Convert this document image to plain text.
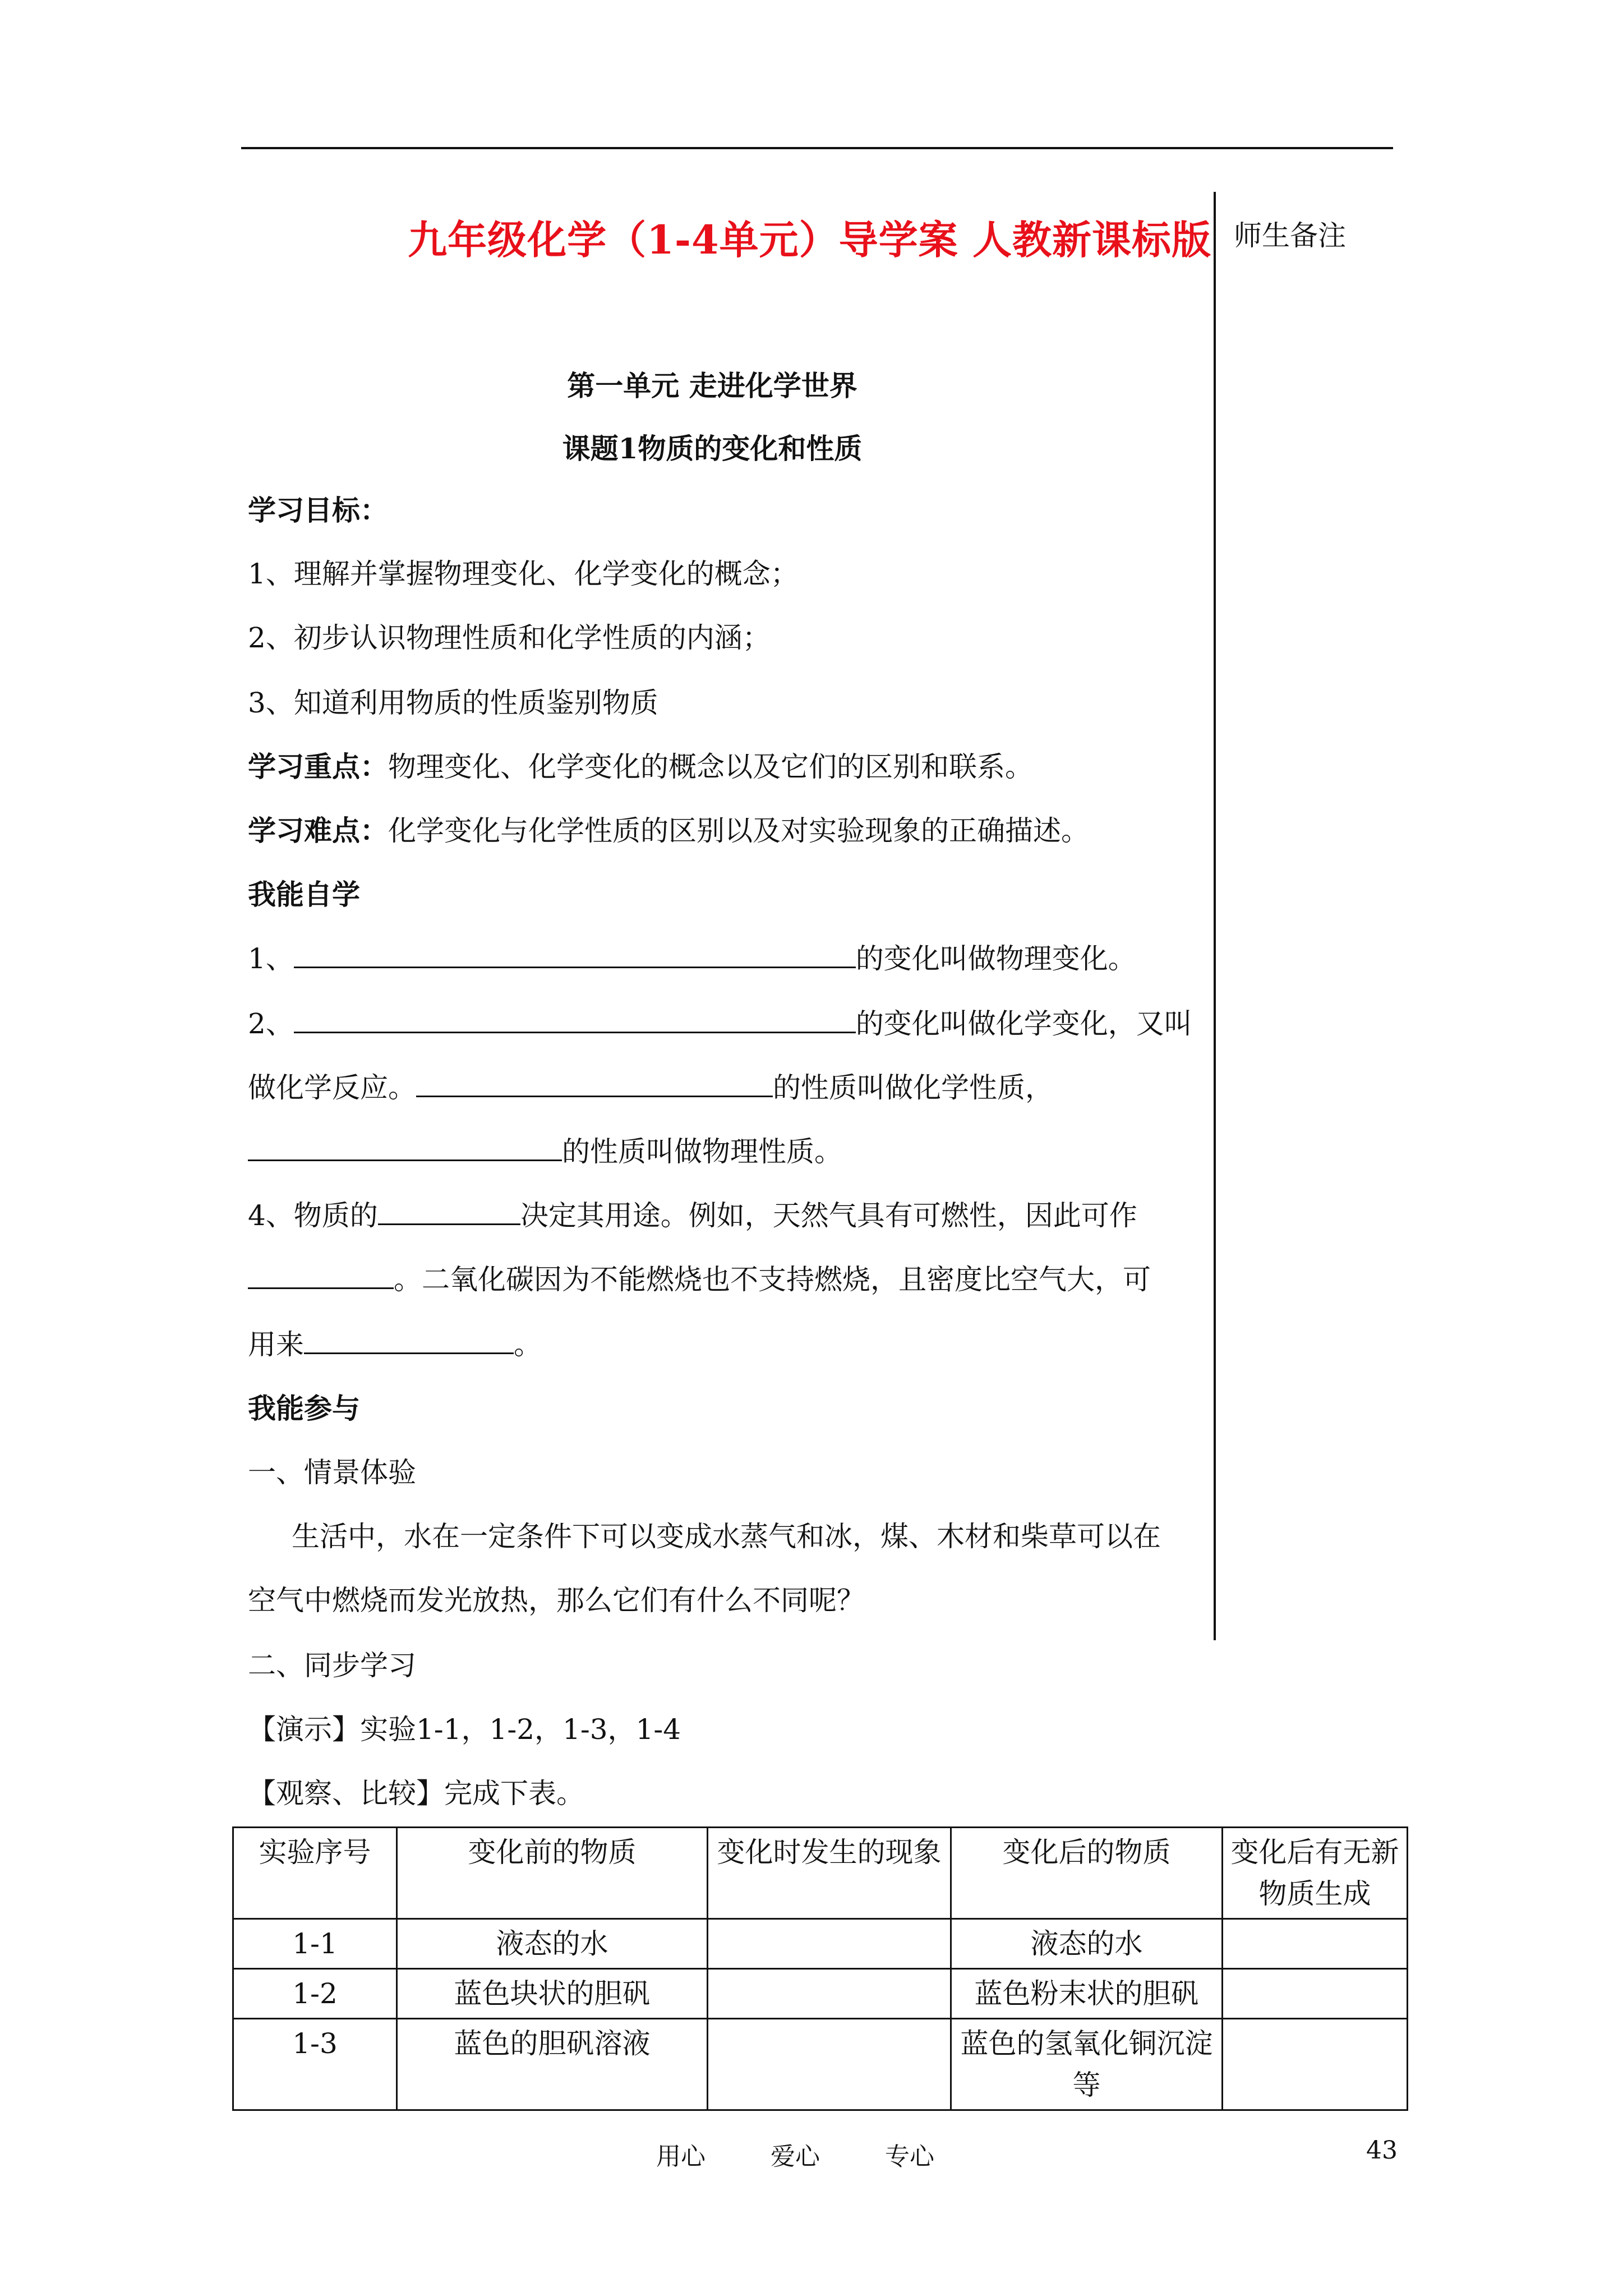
师生备注
九年级化学（1-4单元）导学案 人教新课标版
第一单元 走进化学世界
课题1物质的变化和性质
学习目标：
1、理解并掌握物理变化、化学变化的概念；
2、初步认识物理性质和化学性质的内涵；
3、知道利用物质的性质鉴别物质
学习重点：物理变化、化学变化的概念以及它们的区别和联系。
学习难点：化学变化与化学性质的区别以及对实验现象的正确描述。
我能自学
1、	的变化叫做物理变化。
2、	的变化叫做化学变化，又叫
做化学反应。	的性质叫做化学性质，
的性质叫做物理性质。
4、物质的	决定其用途。例如，天然气具有可燃性，因此可作
。二氧化碳因为不能燃烧也不支持燃烧，且密度比空气大，可
用来	。
我能参与
一、情景体验
生活中，水在一定条件下可以变成水蒸气和冰，煤、木材和柴草可以在
空气中燃烧而发光放热，那么它们有什么不同呢？
二、同步学习
【演示】实验1-1，1-2，1-3，1-4
【观察、比较】完成下表。
实验序号	变化前的物质	变化时发生的现象	变化后的物质	变化后有无新物质生成
1-1	液态的水		液态的水	
1-2	蓝色块状的胆矾		蓝色粉末状的胆矾	
1-3	蓝色的胆矾溶液		蓝色的氢氧化铜沉淀等	
用心	爱心	专心	43
